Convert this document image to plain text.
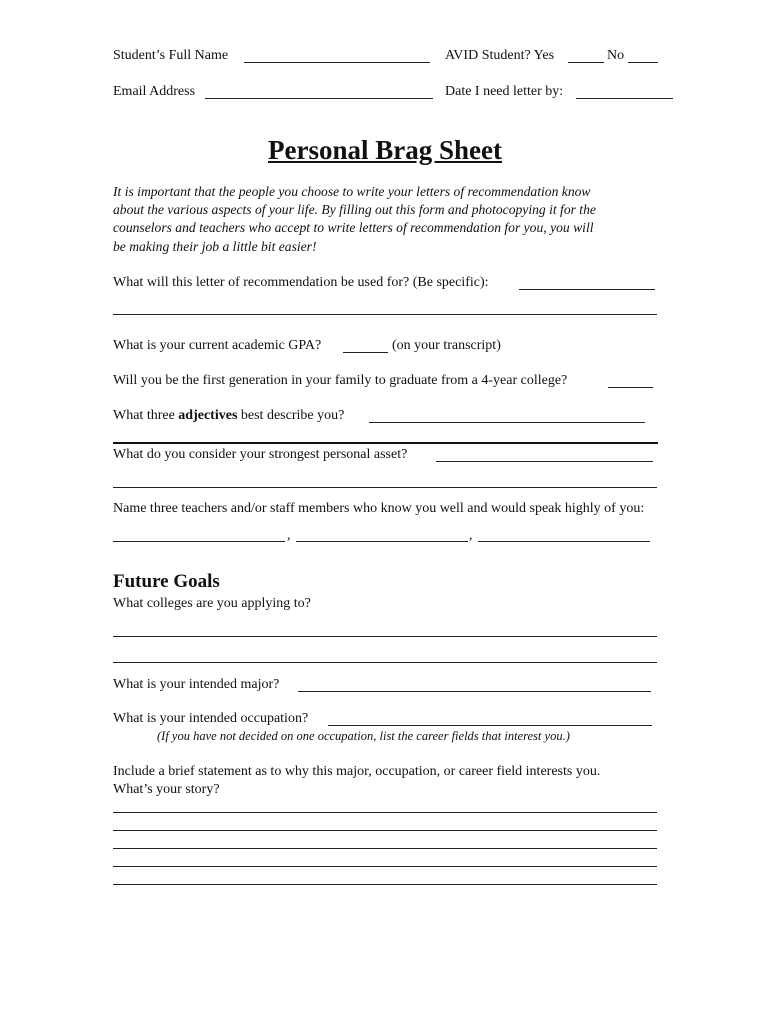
Student’s Full Name	AVID Student? Yes	No
Email Address	Date I need letter by:
Personal Brag Sheet
It is important that the people you choose to write your letters of recommendation know
about the various aspects of your life. By filling out this form and photocopying it for the
counselors and teachers who accept to write letters of recommendation for you, you will
be making their job a little bit easier!
What will this letter of recommendation be used for? (Be specific):
What is your current academic GPA?	(on your transcript)
Will you be the first generation in your family to graduate from a 4-year college?
What three adjectives best describe you?
What do you consider your strongest personal asset?
Name three teachers and/or staff members who know you well and would speak highly of you:
,	,
Future Goals
What colleges are you applying to?
What is your intended major?
What is your intended occupation?
(If you have not decided on one occupation, list the career fields that interest you.)
Include a brief statement as to why this major, occupation, or career field interests you.
What’s your story?
